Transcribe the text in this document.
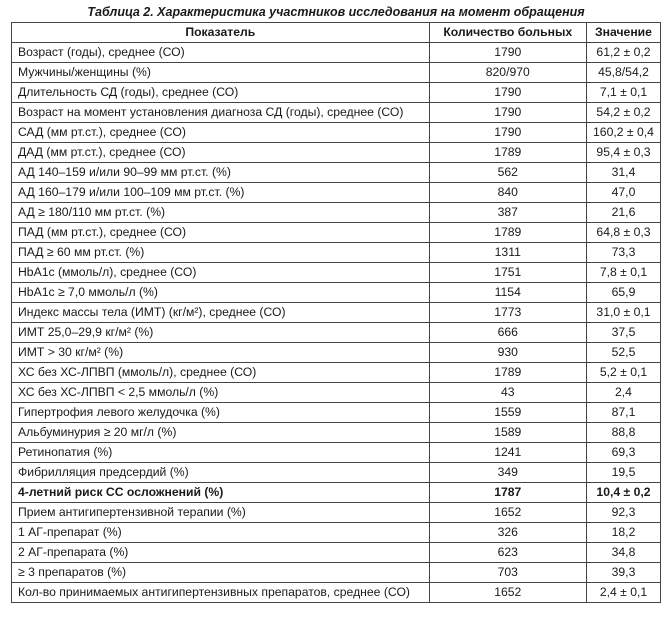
Таблица 2. Характеристика участников исследования на момент обращения
Показатель	Количество больных	Значение
Возраст (годы), среднее (СО)	1790	61,2 ± 0,2
Мужчины/женщины (%)	820/970	45,8/54,2
Длительность СД (годы), среднее (СО)	1790	7,1 ± 0,1
Возраст на момент установления диагноза СД (годы), среднее (СО)	1790	54,2 ± 0,2
САД (мм рт.ст.), среднее (СО)	1790	160,2 ± 0,4
ДАД (мм рт.ст.), среднее (СО)	1789	95,4 ± 0,3
АД 140–159 и/или 90–99 мм рт.ст. (%)	562	31,4
АД 160–179 и/или 100–109 мм рт.ст. (%)	840	47,0
АД ≥ 180/110 мм рт.ст. (%)	387	21,6
ПАД (мм рт.ст.), среднее (СО)	1789	64,8 ± 0,3
ПАД ≥ 60 мм рт.ст. (%)	1311	73,3
HbA1c (ммоль/л), среднее (СО)	1751	7,8 ± 0,1
HbA1c ≥ 7,0 ммоль/л (%)	1154	65,9
Индекс массы тела (ИМТ) (кг/м²), среднее (СО)	1773	31,0 ± 0,1
ИМТ 25,0–29,9 кг/м² (%)	666	37,5
ИМТ > 30 кг/м² (%)	930	52,5
ХС без ХС-ЛПВП (ммоль/л), среднее (СО)	1789	5,2 ± 0,1
ХС без ХС-ЛПВП < 2,5 ммоль/л (%)	43	2,4
Гипертрофия левого желудочка (%)	1559	87,1
Альбуминурия ≥ 20 мг/л (%)	1589	88,8
Ретинопатия (%)	1241	69,3
Фибрилляция предсердий (%)	349	19,5
4-летний риск СС осложнений (%)	1787	10,4 ± 0,2
Прием антигипертензивной терапии (%)	1652	92,3
1 АГ-препарат (%)	326	18,2
2 АГ-препарата (%)	623	34,8
≥ 3 препаратов (%)	703	39,3
Кол-во принимаемых антигипертензивных препаратов, среднее (СО)	1652	2,4 ± 0,1
